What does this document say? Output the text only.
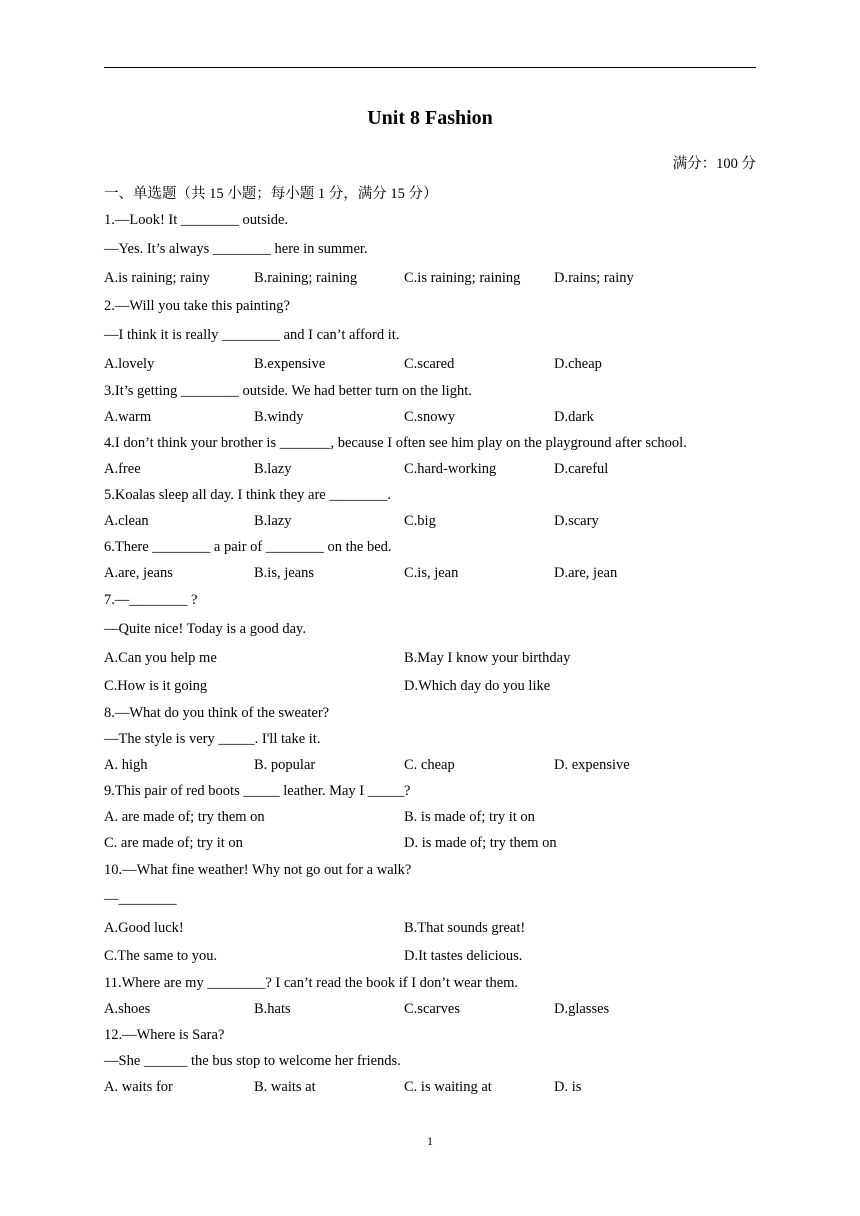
Unit 8 Fashion
满分：100 分
一、单选题（共 15 小题；每小题 1 分，满分 15 分）
1.—Look! It ________ outside.
—Yes. It’s always ________ here in summer.
A.is raining; rainy	B.raining; raining	C.is raining; raining	D.rains; rainy
2.—Will you take this painting?
—I think it is really ________ and I can’t afford it.
A.lovely	B.expensive	C.scared	D.cheap
3.It’s getting ________ outside. We had better turn on the light.
A.warm	B.windy	C.snowy	D.dark
4.I don’t think your brother is _______, because I often see him play on the playground after school.
A.free	B.lazy	C.hard-working	D.careful
5.Koalas sleep all day. I think they are ________.
A.clean	B.lazy	C.big	D.scary
6.There ________ a pair of ________ on the bed.
A.are, jeans	B.is, jeans	C.is, jean	D.are, jean
7.—________ ?
—Quite nice! Today is a good day.
A.Can you help me	B.May I know your birthday
C.How is it going	D.Which day do you like
8.—What do you think of the sweater?
—The style is very _____. I'll take it.
A. high	B. popular	C. cheap	D. expensive
9.This pair of red boots _____ leather. May I _____?
A. are made of; try them on	B. is made of; try it on
C. are made of; try it on	D. is made of; try them on
10.—What fine weather! Why not go out for a walk?
—________
A.Good luck!	B.That sounds great!
C.The same to you.	D.It tastes delicious.
11.Where are my ________? I can’t read the book if I don’t wear them.
A.shoes	B.hats	C.scarves	D.glasses
12.—Where is Sara?
—She ______ the bus stop to welcome her friends.
A. waits for	B. waits at	C. is waiting at	D. is
1
